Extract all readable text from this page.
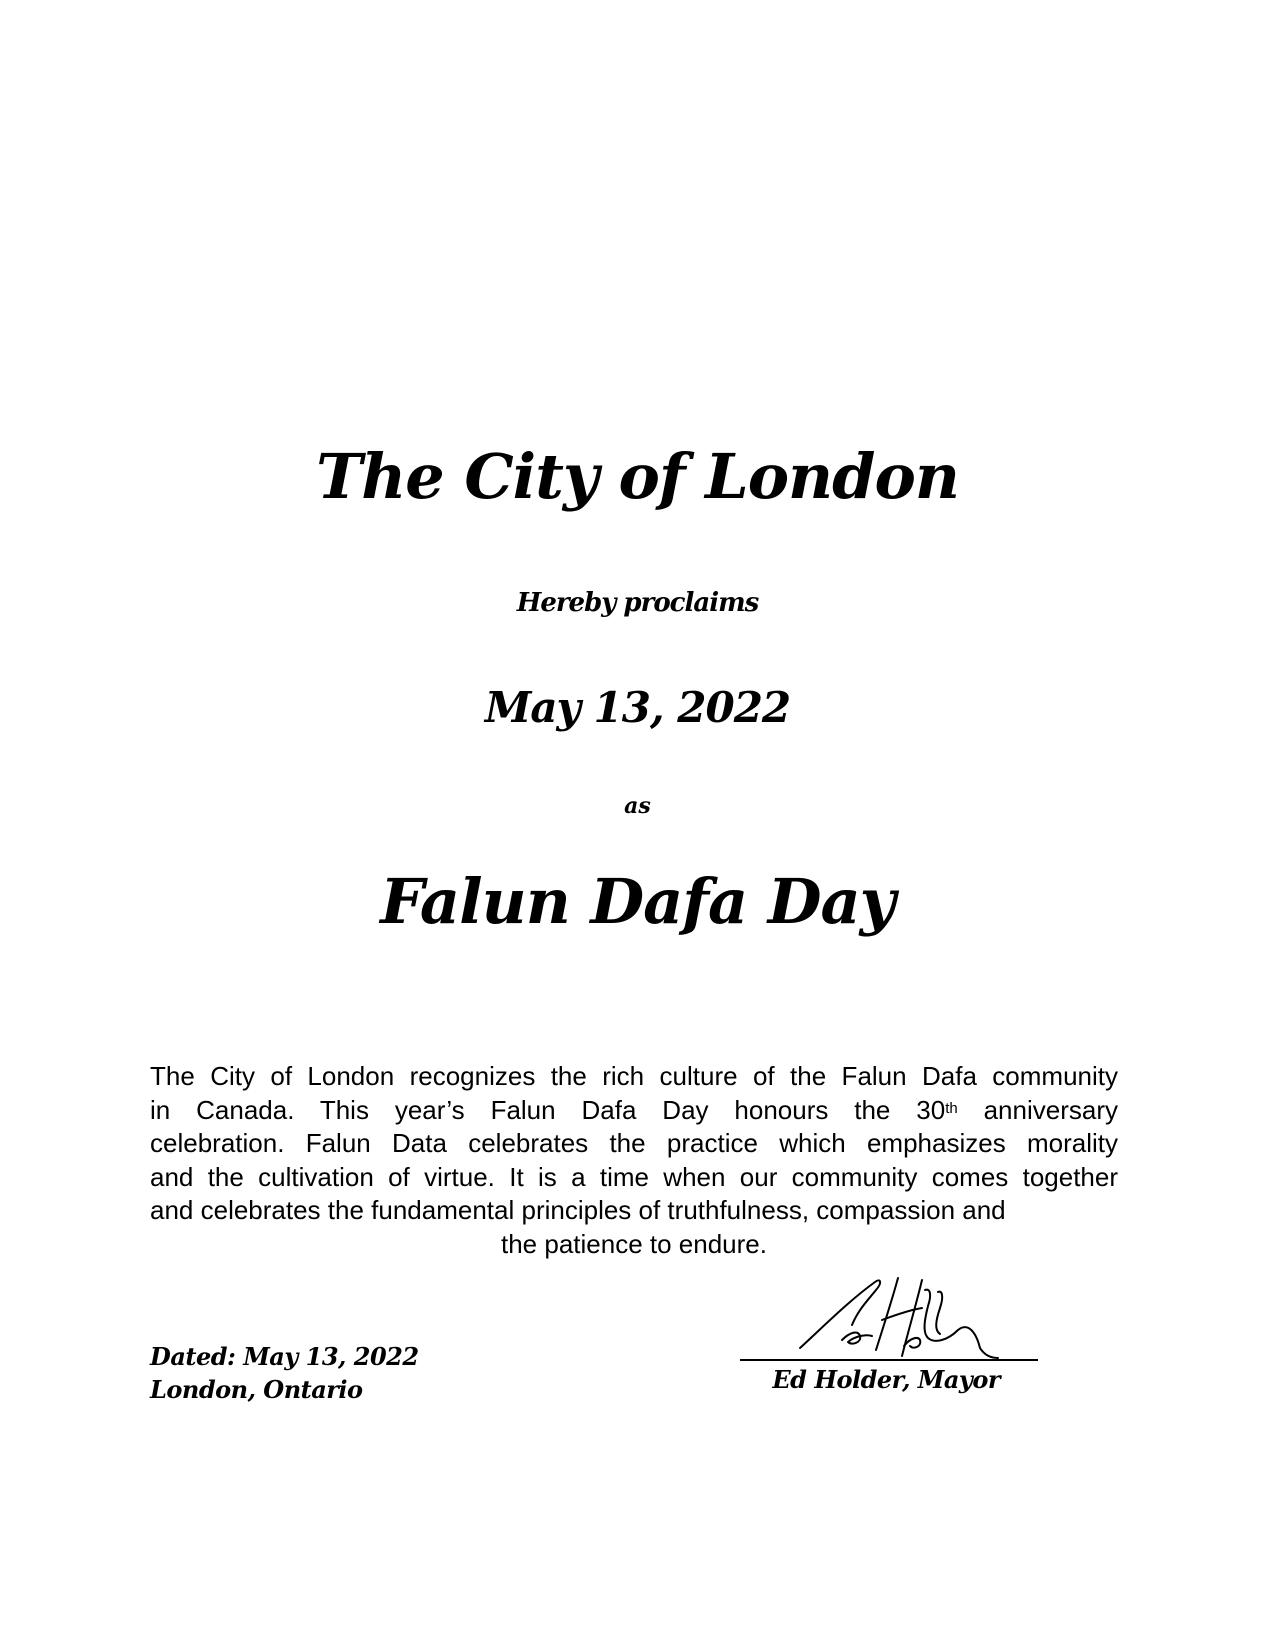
The City of London
Hereby proclaims
May 13, 2022
as
Falun Dafa Day
The City of London recognizes the rich culture of the Falun Dafa community
in Canada. This year’s Falun Dafa Day honours the 30th anniversary
celebration. Falun Data celebrates the practice which emphasizes morality
and the cultivation of virtue. It is a time when our community comes together
and celebrates the fundamental principles of truthfulness, compassion and
the patience to endure.
Dated: May 13, 2022
London, Ontario	Ed Holder, Mayor
